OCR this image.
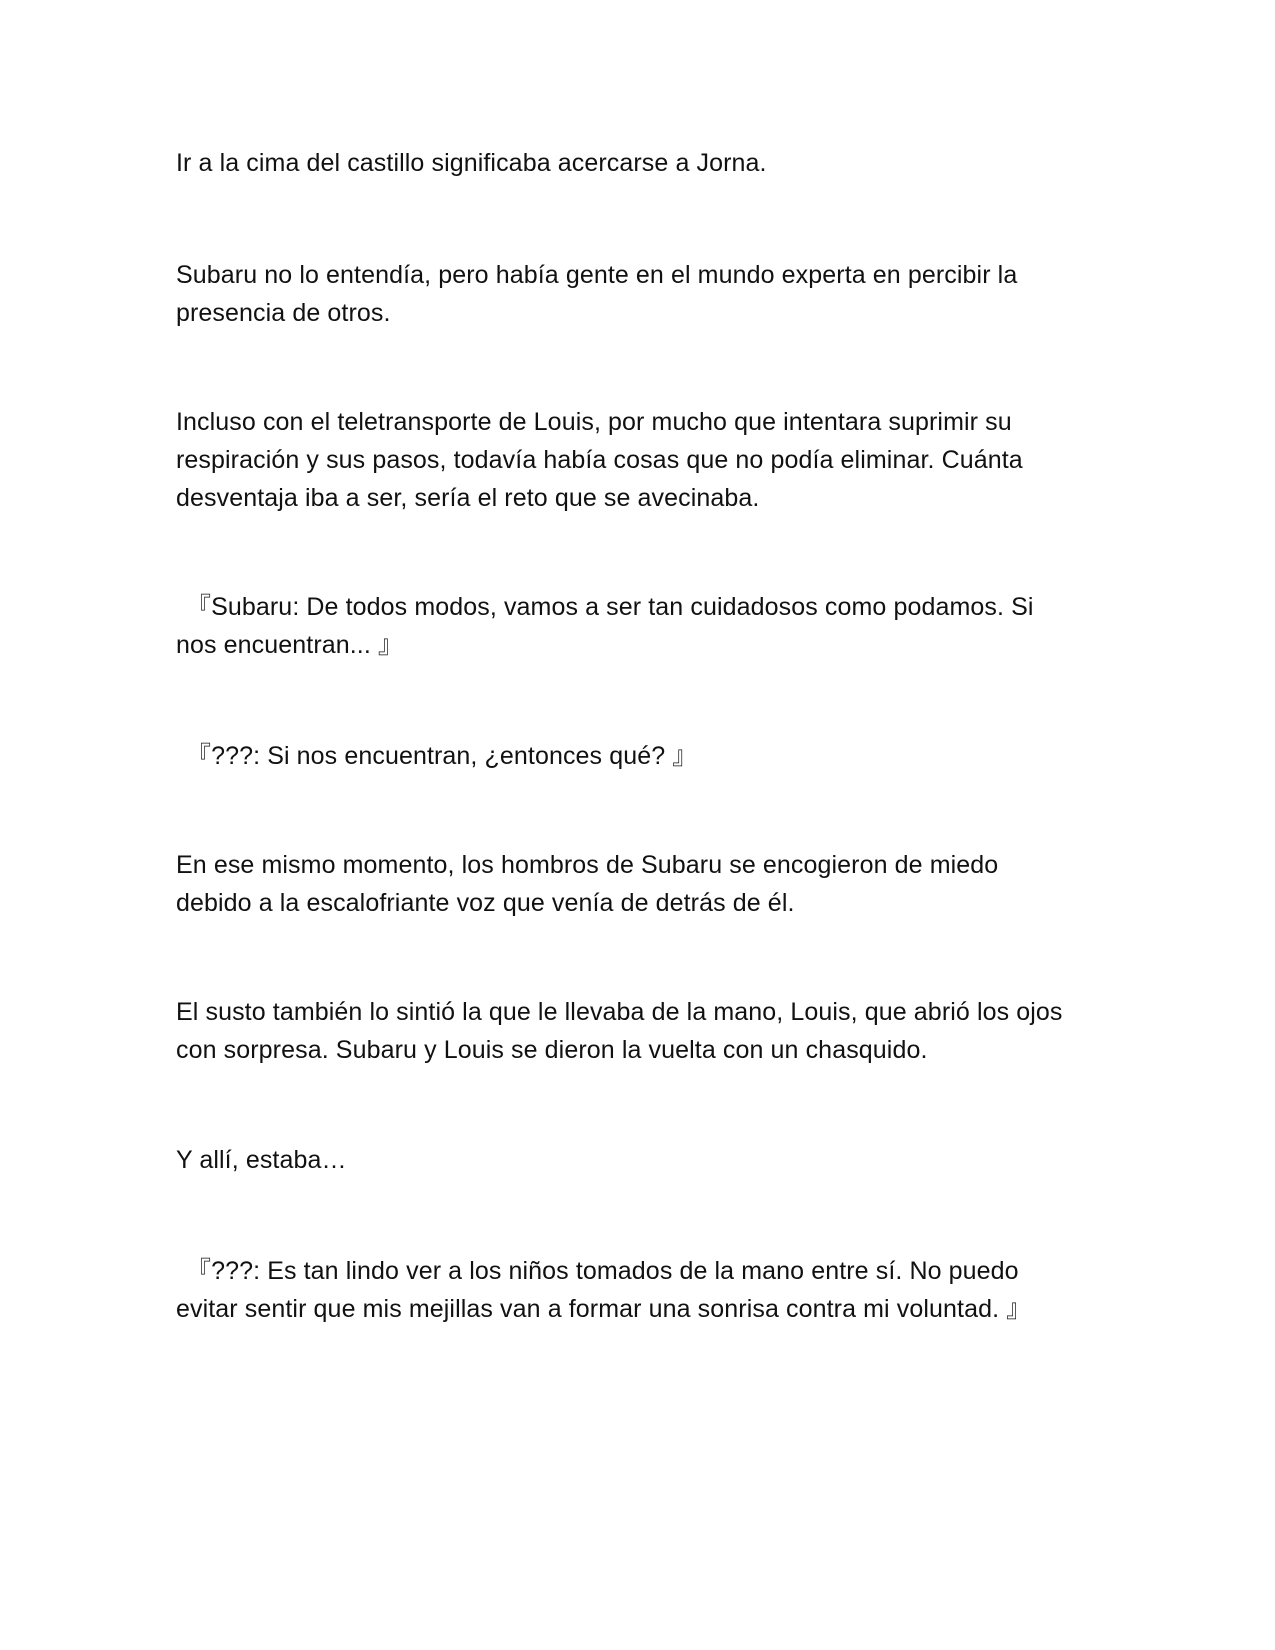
Ir a la cima del castillo significaba acercarse a Jorna.

Subaru no lo entendía, pero había gente en el mundo experta en percibir la presencia de otros.

Incluso con el teletransporte de Louis, por mucho que intentara suprimir su respiración y sus pasos, todavía había cosas que no podía eliminar. Cuánta desventaja iba a ser, sería el reto que se avecinaba.

『Subaru: De todos modos, vamos a ser tan cuidadosos como podamos. Si nos encuentran... 』

『???: Si nos encuentran, ¿entonces qué? 』

En ese mismo momento, los hombros de Subaru se encogieron de miedo debido a la escalofriante voz que venía de detrás de él.

El susto también lo sintió la que le llevaba de la mano, Louis, que abrió los ojos con sorpresa. Subaru y Louis se dieron la vuelta con un chasquido.

Y allí, estaba…

『???: Es tan lindo ver a los niños tomados de la mano entre sí. No puedo evitar sentir que mis mejillas van a formar una sonrisa contra mi voluntad. 』
